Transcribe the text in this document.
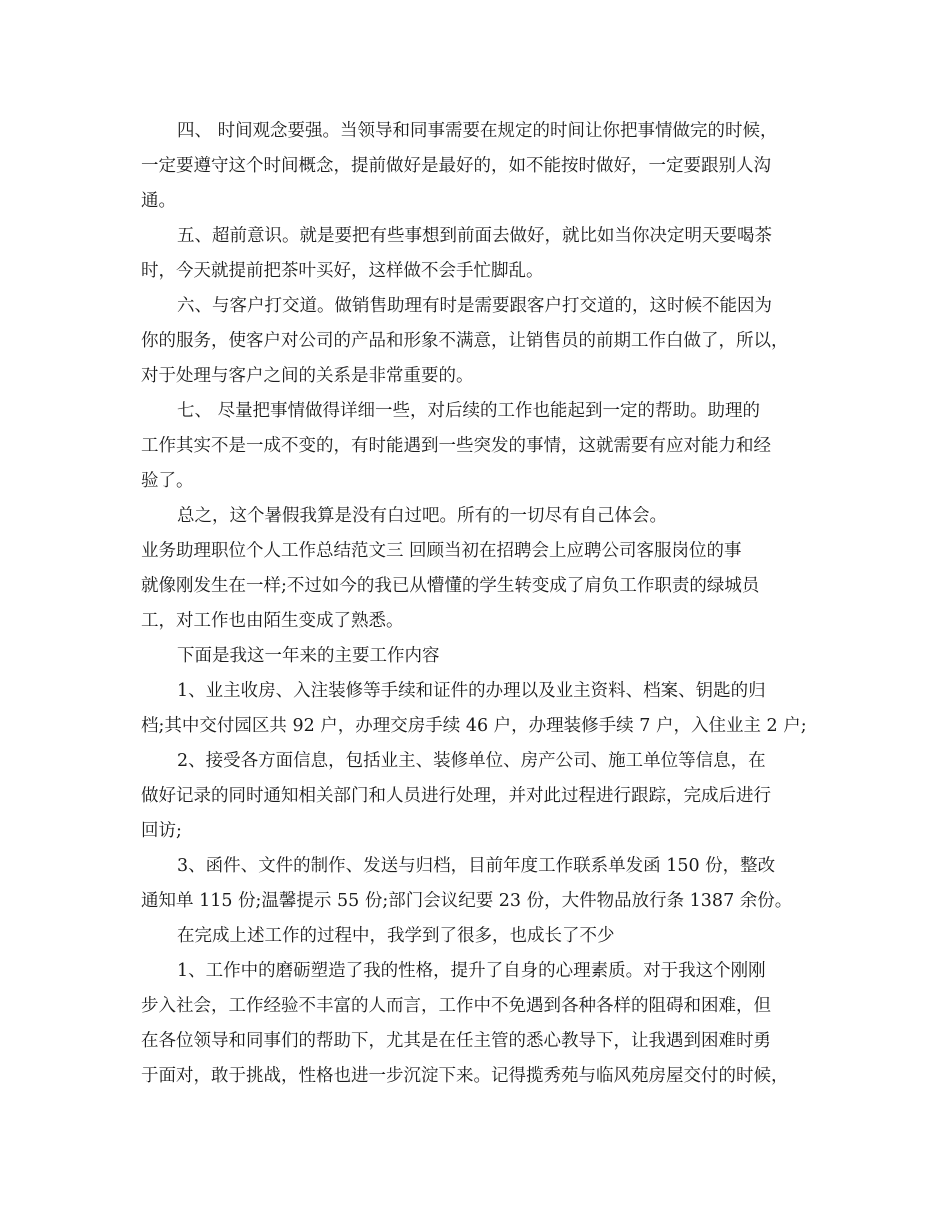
四、 时间观念要强。当领导和同事需要在规定的时间让你把事情做完的时候，
一定要遵守这个时间概念，提前做好是最好的，如不能按时做好，一定要跟别人沟
通。
五、超前意识。就是要把有些事想到前面去做好，就比如当你决定明天要喝茶
时，今天就提前把茶叶买好，这样做不会手忙脚乱。
六、与客户打交道。做销售助理有时是需要跟客户打交道的，这时候不能因为
你的服务，使客户对公司的产品和形象不满意，让销售员的前期工作白做了，所以，
对于处理与客户之间的关系是非常重要的。
七、 尽量把事情做得详细一些，对后续的工作也能起到一定的帮助。助理的
工作其实不是一成不变的，有时能遇到一些突发的事情，这就需要有应对能力和经
验了。
总之，这个暑假我算是没有白过吧。所有的一切尽有自己体会。
业务助理职位个人工作总结范文三 回顾当初在招聘会上应聘公司客服岗位的事
就像刚发生在一样;不过如今的我已从懵懂的学生转变成了肩负工作职责的绿城员
工，对工作也由陌生变成了熟悉。
下面是我这一年来的主要工作内容
1、业主收房、入注装修等手续和证件的办理以及业主资料、档案、钥匙的归
档;其中交付园区共 92 户，办理交房手续 46 户，办理装修手续 7 户，入住业主 2 户;
2、接受各方面信息，包括业主、装修单位、房产公司、施工单位等信息，在
做好记录的同时通知相关部门和人员进行处理，并对此过程进行跟踪，完成后进行
回访;
3、函件、文件的制作、发送与归档，目前年度工作联系单发函 150 份，整改
通知单 115 份;温馨提示 55 份;部门会议纪要 23 份，大件物品放行条 1387 余份。
在完成上述工作的过程中，我学到了很多，也成长了不少
1、工作中的磨砺塑造了我的性格，提升了自身的心理素质。对于我这个刚刚
步入社会，工作经验不丰富的人而言，工作中不免遇到各种各样的阻碍和困难，但
在各位领导和同事们的帮助下，尤其是在任主管的悉心教导下，让我遇到困难时勇
于面对，敢于挑战，性格也进一步沉淀下来。记得揽秀苑与临风苑房屋交付的时候，
